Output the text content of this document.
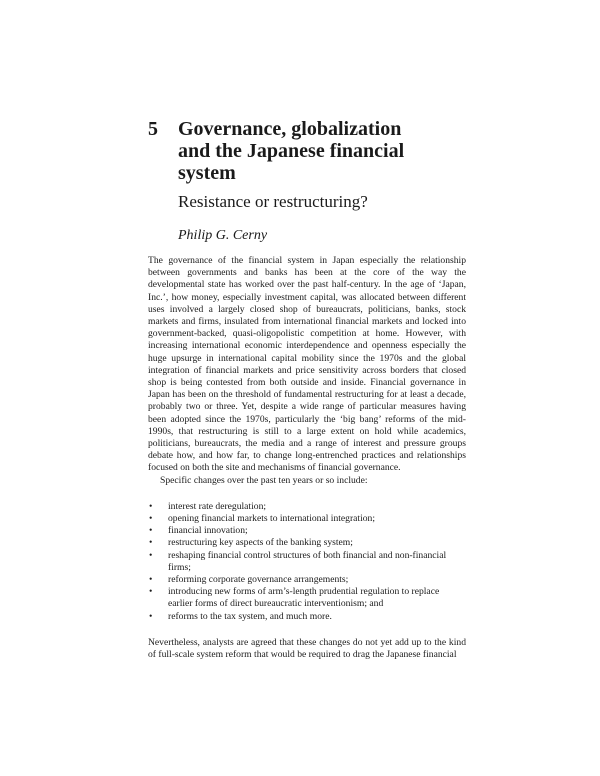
5	Governance, globalization and the Japanese financial system
Resistance or restructuring?
Philip G. Cerny

The governance of the financial system in Japan especially the relationship between governments and banks has been at the core of the way the developmental state has worked over the past half-century. In the age of ‘Japan, Inc.’, how money, especially investment capital, was allocated between different uses involved a largely closed shop of bureaucrats, politicians, banks, stock markets and firms, insulated from international financial markets and locked into government-backed, quasi-oligopolistic competition at home. However, with increasing international economic interdependence and openness especially the huge upsurge in international capital mobility since the 1970s and the global integration of financial markets and price sensitivity across borders that closed shop is being contested from both outside and inside. Financial governance in Japan has been on the threshold of fundamental restructuring for at least a decade, probably two or three. Yet, despite a wide range of particular measures having been adopted since the 1970s, particularly the ‘big bang’ reforms of the mid-1990s, that restructuring is still to a large extent on hold while academics, politicians, bureaucrats, the media and a range of interest and pressure groups debate how, and how far, to change long-entrenched practices and relationships focused on both the site and mechanisms of financial governance.

Specific changes over the past ten years or so include:

•	interest rate deregulation;
•	opening financial markets to international integration;
•	financial innovation;
•	restructuring key aspects of the banking system;
•	reshaping financial control structures of both financial and non-financial firms;
•	reforming corporate governance arrangements;
•	introducing new forms of arm’s-length prudential regulation to replace earlier forms of direct bureaucratic interventionism; and
•	reforms to the tax system, and much more.

Nevertheless, analysts are agreed that these changes do not yet add up to the kind of full-scale system reform that would be required to drag the Japanese financial
